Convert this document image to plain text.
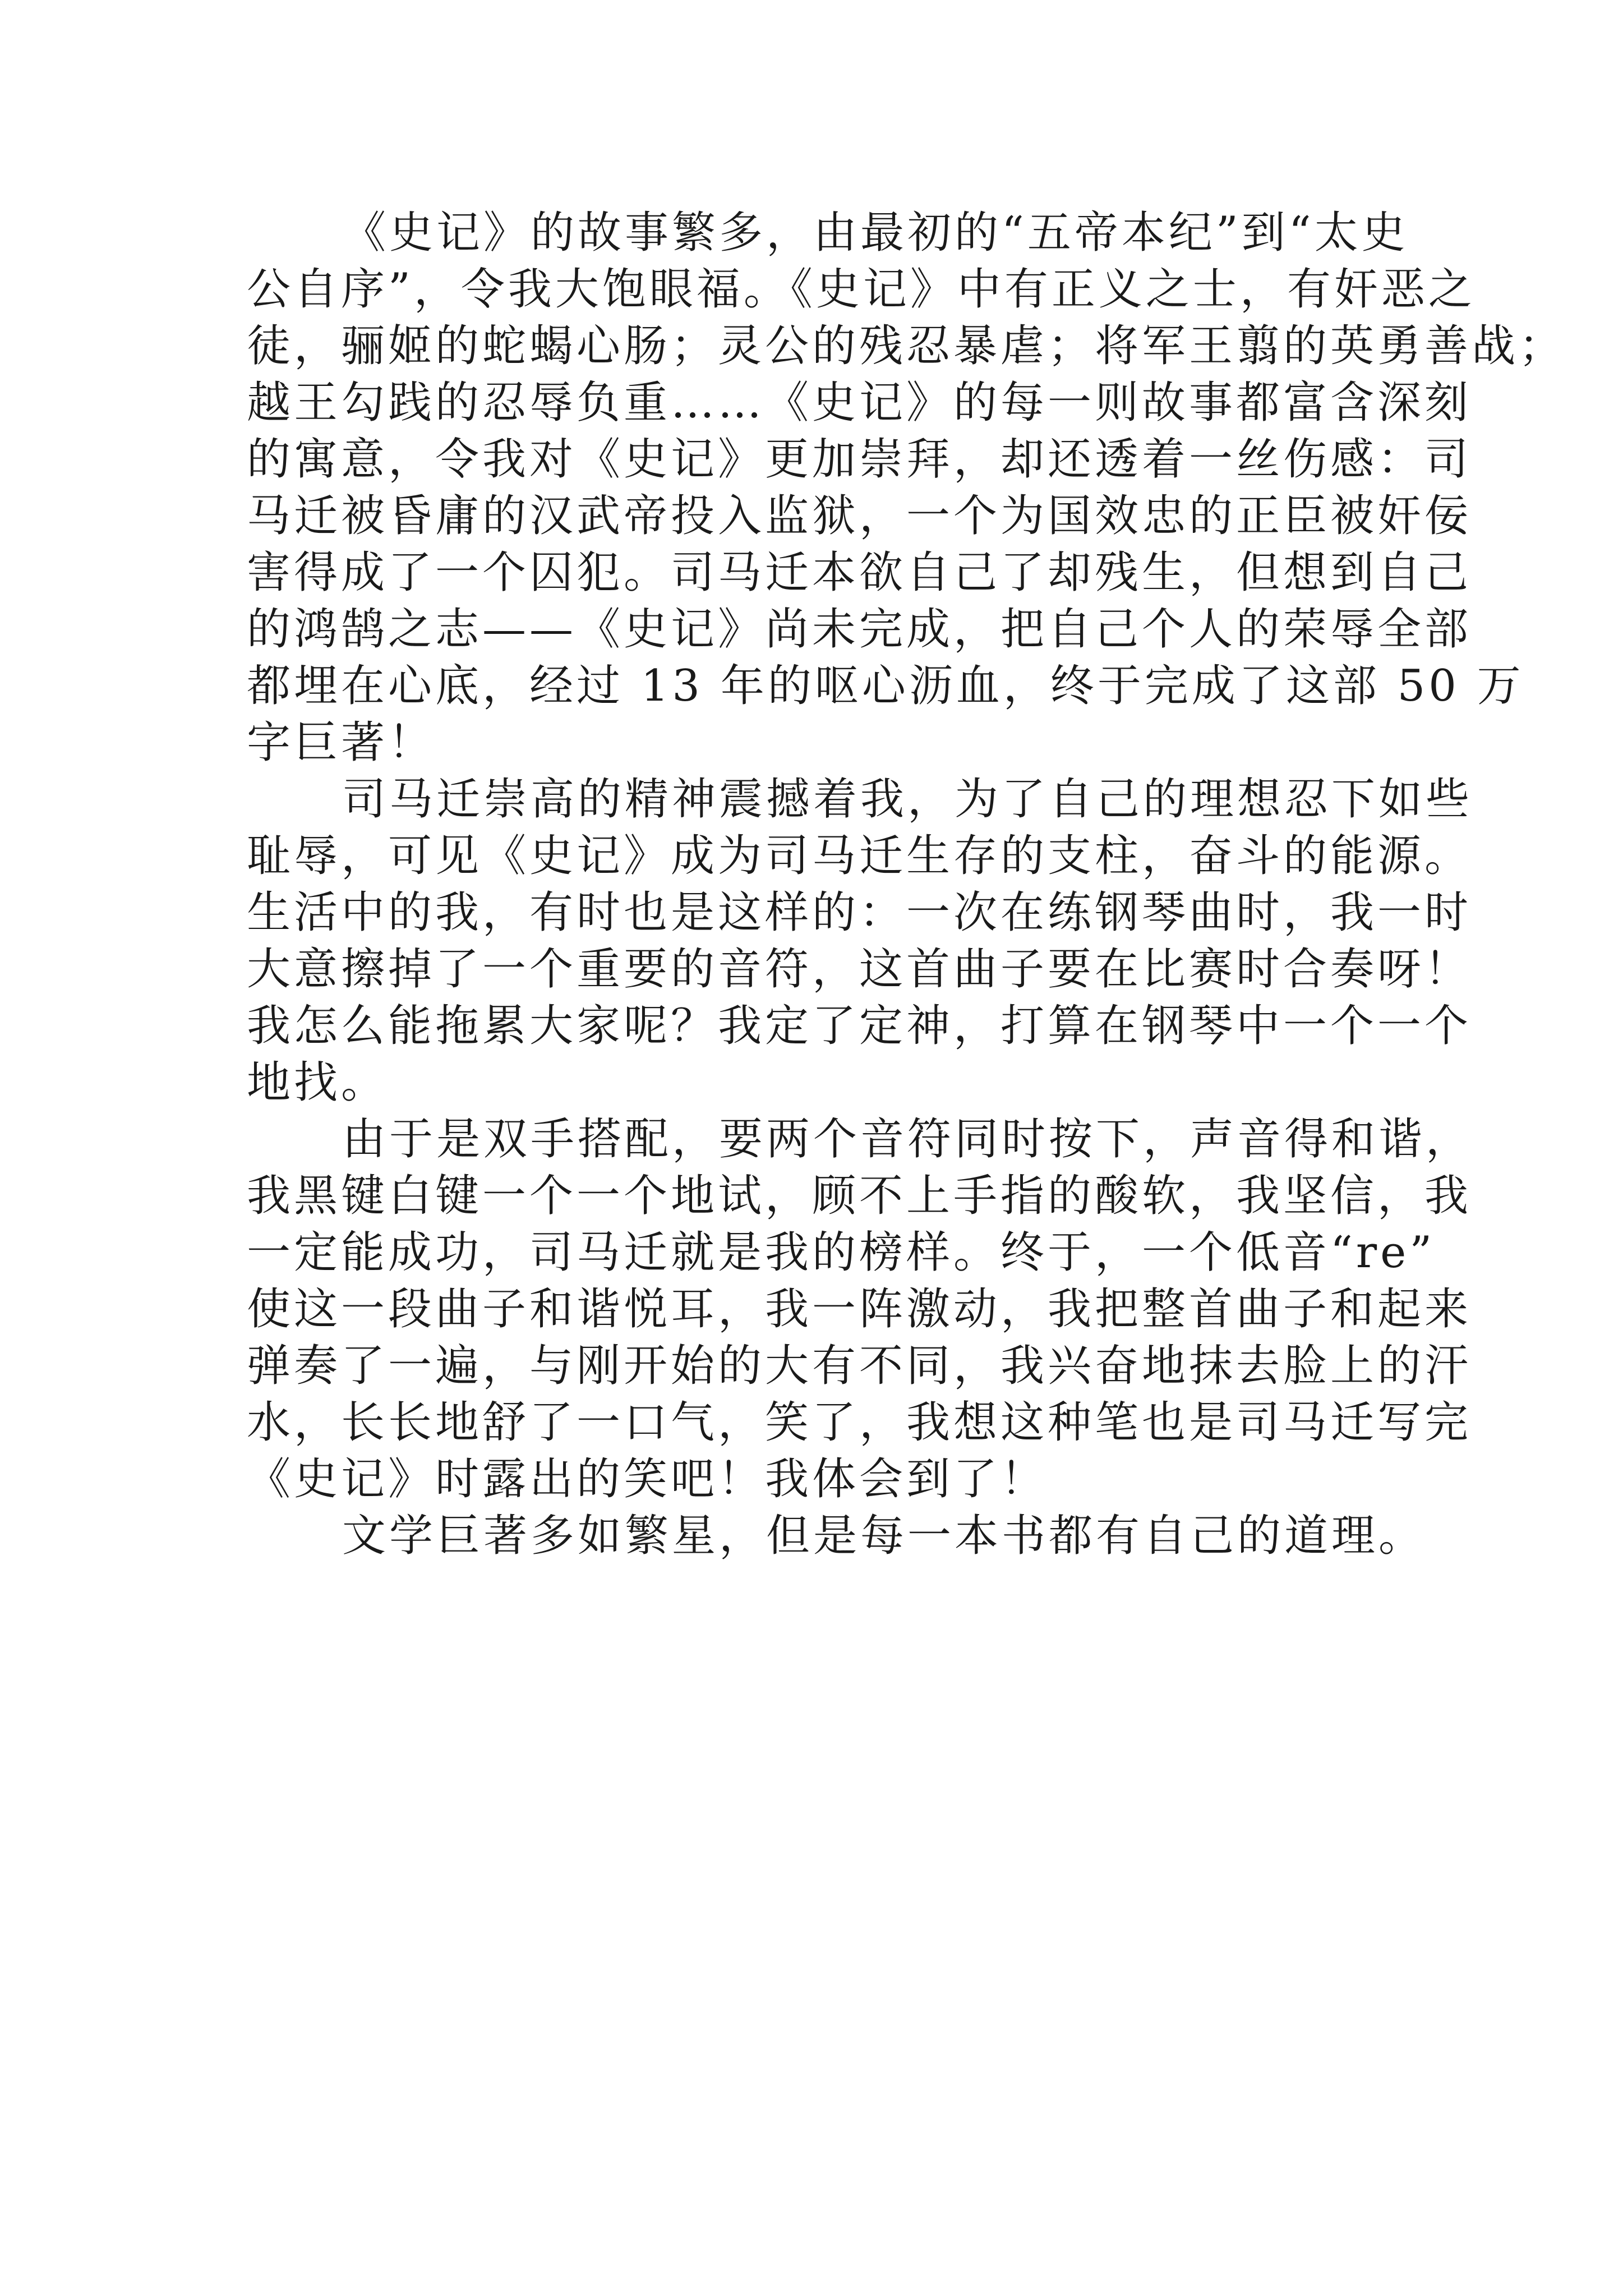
《史记》的故事繁多，由最初的“五帝本纪”到“太史
公自序”，令我大饱眼福。《史记》中有正义之士，有奸恶之
徒，骊姬的蛇蝎心肠；灵公的残忍暴虐；将军王翦的英勇善战；
越王勾践的忍辱负重……《史记》的每一则故事都富含深刻
的寓意，令我对《史记》更加崇拜，却还透着一丝伤感：司
马迁被昏庸的汉武帝投入监狱，一个为国效忠的正臣被奸佞
害得成了一个囚犯。司马迁本欲自己了却残生，但想到自己
的鸿鹄之志——《史记》尚未完成，把自己个人的荣辱全部
都埋在心底，经过 13 年的呕心沥血，终于完成了这部 50 万
字巨著！
司马迁崇高的精神震撼着我，为了自己的理想忍下如些
耻辱，可见《史记》成为司马迁生存的支柱，奋斗的能源。
生活中的我，有时也是这样的：一次在练钢琴曲时，我一时
大意擦掉了一个重要的音符，这首曲子要在比赛时合奏呀！
我怎么能拖累大家呢？我定了定神，打算在钢琴中一个一个
地找。
由于是双手搭配，要两个音符同时按下，声音得和谐，
我黑键白键一个一个地试，顾不上手指的酸软，我坚信，我
一定能成功，司马迁就是我的榜样。终于，一个低音“re”
使这一段曲子和谐悦耳，我一阵激动，我把整首曲子和起来
弹奏了一遍，与刚开始的大有不同，我兴奋地抹去脸上的汗
水，长长地舒了一口气，笑了，我想这种笔也是司马迁写完
《史记》时露出的笑吧！我体会到了！
文学巨著多如繁星，但是每一本书都有自己的道理。
